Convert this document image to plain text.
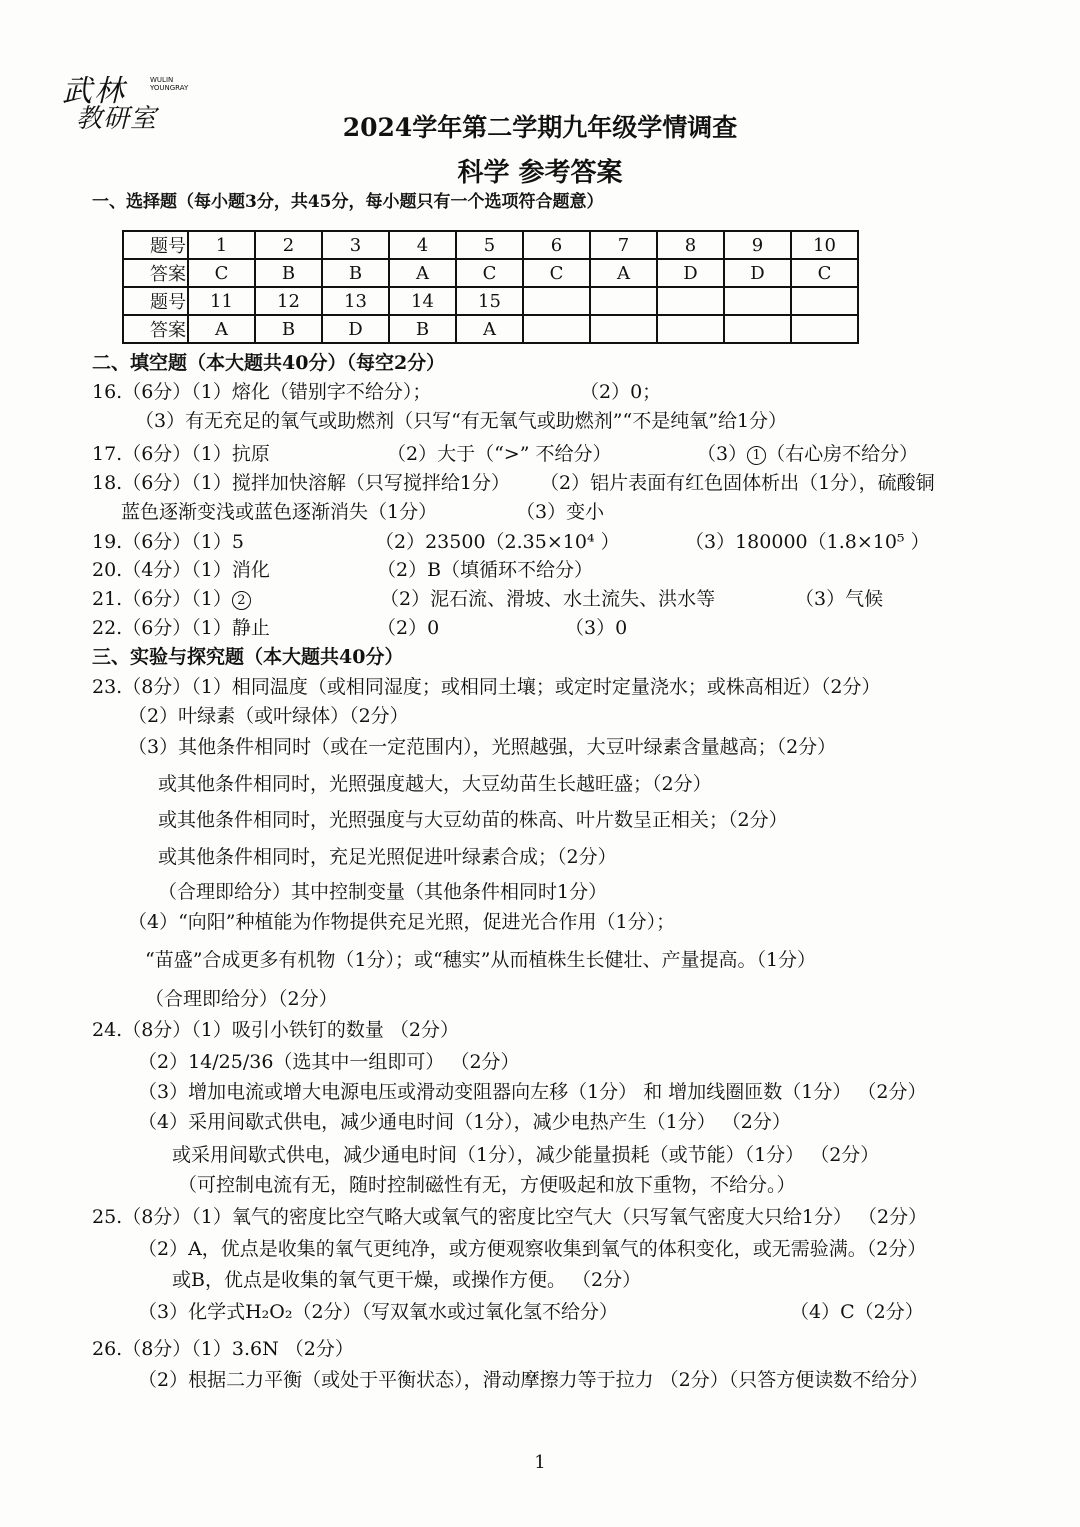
武林
教研室
WULIN YOUNGRAY
2024学年第二学期九年级学情调查
科学 参考答案
一、选择题（每小题3分，共45分，每小题只有一个选项符合题意）
题号	1	2	3	4	5	6	7	8	9	10
答案	C	B	B	A	C	C	A	D	D	C
题号	11	12	13	14	15					
答案	A	B	D	B	A					
二、填空题（本大题共40分）（每空2分）
16.（6分）（1）熔化（错别字不给分）；	（2）0；
（3）有无充足的氧气或助燃剂（只写“有无氧气或助燃剂”“不是纯氧”给1分）
17.（6分）（1）抗原	（2）大于（“>” 不给分）	（3） 1 （右心房不给分）
18.（6分）（1）搅拌加快溶解（只写搅拌给1分） （2）铝片表面有红色固体析出（1分），硫酸铜
蓝色逐渐变浅或蓝色逐渐消失（1分）	（3）变小
19.（6分）（1）5	（2）23500（2.35×10⁴ ）	（3）180000（1.8×10⁵ ）
20.（4分）（1）消化	（2）B（填循环不给分）
21.（6分）（1） 2	（2）泥石流、滑坡、水土流失、洪水等	（3）气候
22.（6分）（1）静止	（2）0	（3）0
三、实验与探究题（本大题共40分）
23.（8分）（1）相同温度（或相同湿度；或相同土壤；或定时定量浇水；或株高相近）（2分）
（2）叶绿素（或叶绿体）（2分）
（3）其他条件相同时（或在一定范围内），光照越强，大豆叶绿素含量越高；（2分）
或其他条件相同时，光照强度越大，大豆幼苗生长越旺盛；（2分）
或其他条件相同时，光照强度与大豆幼苗的株高、叶片数呈正相关；（2分）
或其他条件相同时，充足光照促进叶绿素合成；（2分）
（合理即给分）其中控制变量（其他条件相同时1分）
（4）“向阳”种植能为作物提供充足光照，促进光合作用（1分）；
“苗盛”合成更多有机物（1分）；或“穗实”从而植株生长健壮、产量提高。（1分）
（合理即给分）（2分）
24.（8分）（1）吸引小铁钉的数量 （2分）
（2）14/25/36（选其中一组即可） （2分）
（3）增加电流或增大电源电压或滑动变阻器向左移（1分） 和 增加线圈匝数（1分） （2分）
（4）采用间歇式供电，减少通电时间（1分），减少电热产生（1分） （2分）
或采用间歇式供电，减少通电时间（1分），减少能量损耗（或节能）（1分） （2分）
（可控制电流有无，随时控制磁性有无，方便吸起和放下重物，不给分。）
25.（8分）（1）氧气的密度比空气略大或氧气的密度比空气大（只写氧气密度大只给1分） （2分）
（2）A，优点是收集的氧气更纯净，或方便观察收集到氧气的体积变化，或无需验满。（2分）
或B，优点是收集的氧气更干燥，或操作方便。 （2分）
（3）化学式H₂O₂（2分）（写双氧水或过氧化氢不给分）	（4）C（2分）
26.（8分）（1）3.6N （2分）
（2）根据二力平衡（或处于平衡状态），滑动摩擦力等于拉力 （2分）（只答方便读数不给分）
1
